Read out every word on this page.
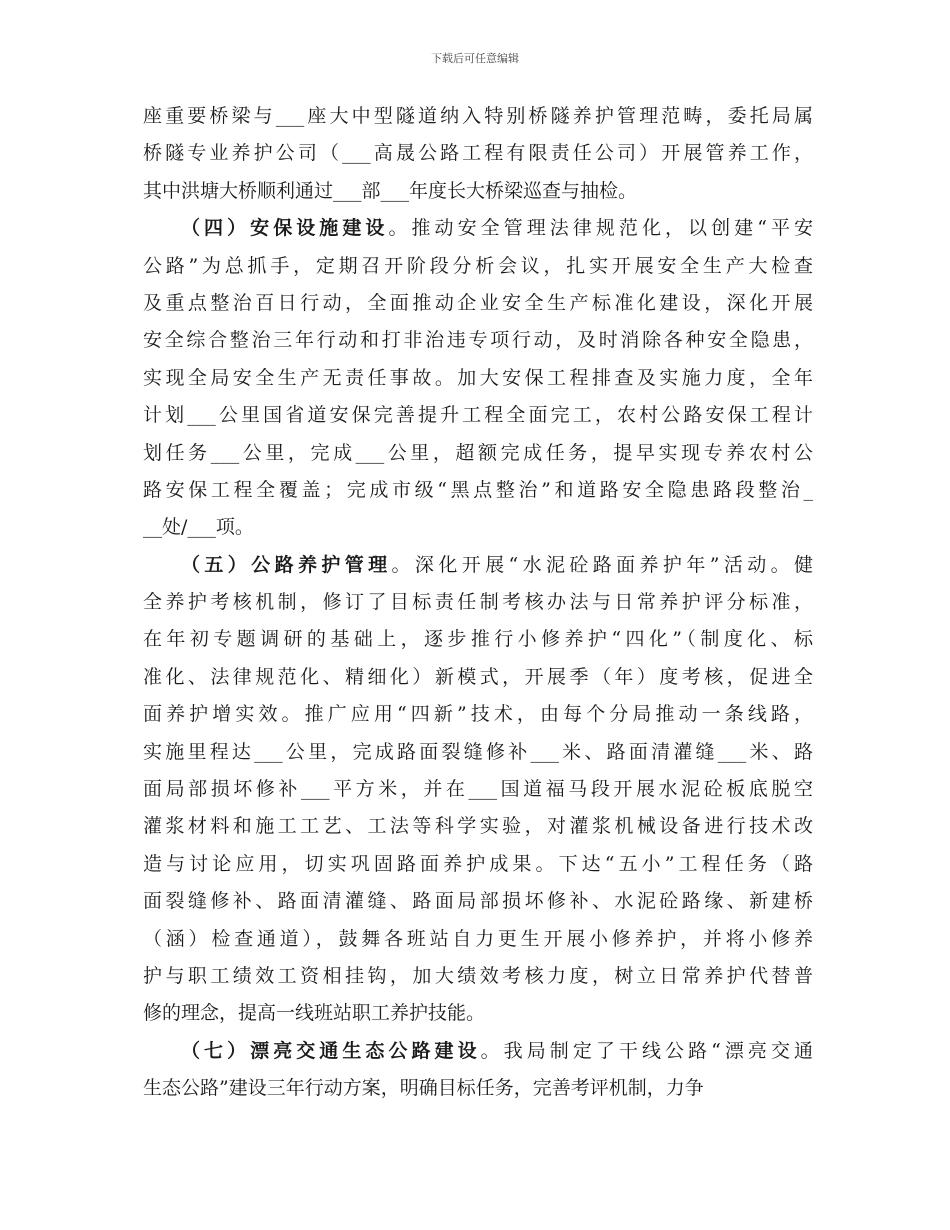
下载后可任意编辑
座重要桥梁与___座大中型隧道纳入特别桥隧养护管理范畴，委托局属
桥隧专业养护公司（___高晟公路工程有限责任公司）开展管养工作，
其中洪塘大桥顺利通过___部___年度长大桥梁巡查与抽检。
（四）安保设施建设。推动安全管理法律规范化，以创建“平安
公路”为总抓手，定期召开阶段分析会议，扎实开展安全生产大检查
及重点整治百日行动，全面推动企业安全生产标准化建设，深化开展
安全综合整治三年行动和打非治违专项行动，及时消除各种安全隐患，
实现全局安全生产无责任事故。加大安保工程排查及实施力度，全年
计划___公里国省道安保完善提升工程全面完工，农村公路安保工程计
划任务___公里，完成___公里，超额完成任务，提早实现专养农村公
路安保工程全覆盖；完成市级“黑点整治”和道路安全隐患路段整治_
__处/___项。
（五）公路养护管理。深化开展“水泥砼路面养护年”活动。健
全养护考核机制，修订了目标责任制考核办法与日常养护评分标准，
在年初专题调研的基础上，逐步推行小修养护“四化”（制度化、标
准化、法律规范化、精细化）新模式，开展季（年）度考核，促进全
面养护增实效。推广应用“四新”技术，由每个分局推动一条线路，
实施里程达___公里，完成路面裂缝修补___米、路面清灌缝___米、路
面局部损坏修补___平方米，并在___国道福马段开展水泥砼板底脱空
灌浆材料和施工工艺、工法等科学实验，对灌浆机械设备进行技术改
造与讨论应用，切实巩固路面养护成果。下达“五小”工程任务（路
面裂缝修补、路面清灌缝、路面局部损坏修补、水泥砼路缘、新建桥
（涵）检查通道），鼓舞各班站自力更生开展小修养护，并将小修养
护与职工绩效工资相挂钩，加大绩效考核力度，树立日常养护代替普
修的理念，提高一线班站职工养护技能。
（七）漂亮交通生态公路建设。我局制定了干线公路“漂亮交通
生态公路”建设三年行动方案，明确目标任务，完善考评机制，力争
